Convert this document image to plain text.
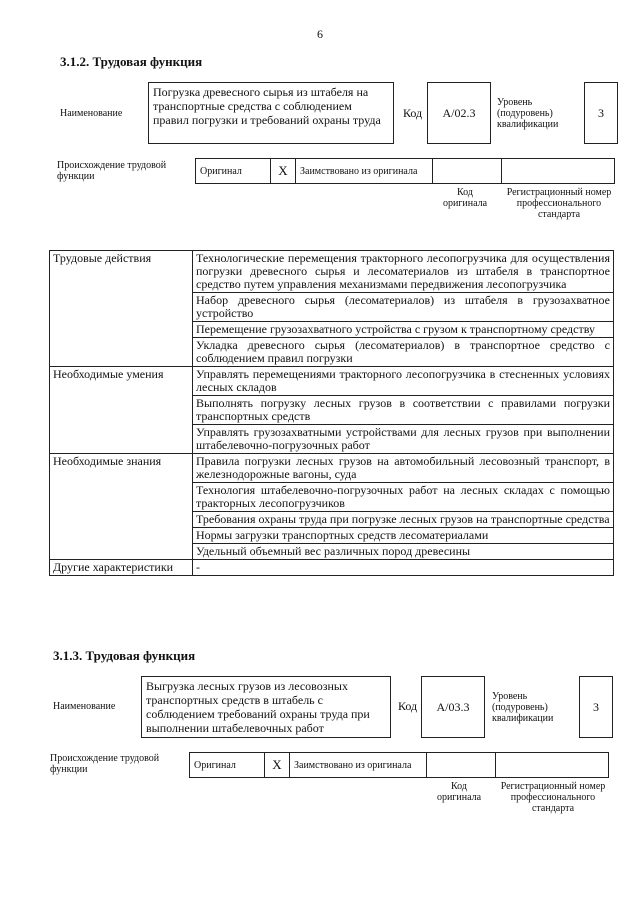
6
3.1.2. Трудовая функция
Наименование
Погрузка древесного сырья из штабеля на транспортные средства с соблюдением правил погрузки и требований охраны труда	Код	А/02.3
Уровень (подуровень) квалификации
3
Происхождение трудовой функции	Оригинал	X	Заимствовано из оригинала		
Код оригинала
Регистрационный номер профессионального стандарта
Трудовые действия	Технологические перемещения тракторного лесопогрузчика для осуществления погрузки древесного сырья и лесоматериалов из штабеля в транспортное средство путем управления механизмами передвижения лесопогрузчика
	Набор древесного сырья (лесоматериалов) из штабеля в грузозахватное устройство
	Перемещение грузозахватного устройства с грузом к транспортному средству
	Укладка древесного сырья (лесоматериалов) в транспортное средство с соблюдением правил погрузки
Необходимые умения	Управлять перемещениями тракторного лесопогрузчика в стесненных условиях лесных складов
	Выполнять погрузку лесных грузов в соответствии с правилами погрузки транспортных средств
	Управлять грузозахватными устройствами для лесных грузов при выполнении штабелевочно-погрузочных работ
Необходимые знания	Правила погрузки лесных грузов на автомобильный лесовозный транспорт, в железнодорожные вагоны, суда
	Технология штабелевочно-погрузочных работ на лесных складах с помощью тракторных лесопогрузчиков
	Требования охраны труда при погрузке лесных грузов на транспортные средства
	Нормы загрузки транспортных средств лесоматериалами
	Удельный объемный вес различных пород древесины
Другие характеристики	-
3.1.3. Трудовая функция
Наименование
Выгрузка лесных грузов из лесовозных транспортных средств в штабель с соблюдением требований охраны труда при выполнении штабелевочных работ
Код	А/03.3
Уровень (подуровень) квалификации
3
Происхождение трудовой функции	Оригинал	X	Заимствовано из оригинала		
Код оригинала
Регистрационный номер профессионального стандарта
